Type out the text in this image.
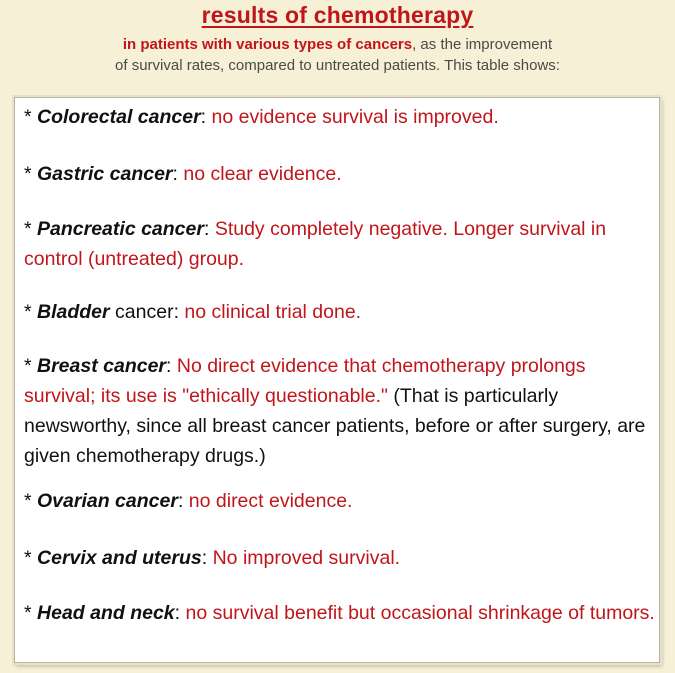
results of chemotherapy
in patients with various types of cancers, as the improvement
of survival rates, compared to untreated patients. This table shows:
* Colorectal cancer: no evidence survival is improved.
* Gastric cancer: no clear evidence.
* Pancreatic cancer: Study completely negative. Longer survival in control (untreated) group.
* Bladder cancer: no clinical trial done.
* Breast cancer: No direct evidence that chemotherapy prolongs survival; its use is "ethically questionable." (That is particularly newsworthy, since all breast cancer patients, before or after surgery, are given chemotherapy drugs.)
* Ovarian cancer: no direct evidence.
* Cervix and uterus: No improved survival.
* Head and neck: no survival benefit but occasional shrinkage of tumors.
